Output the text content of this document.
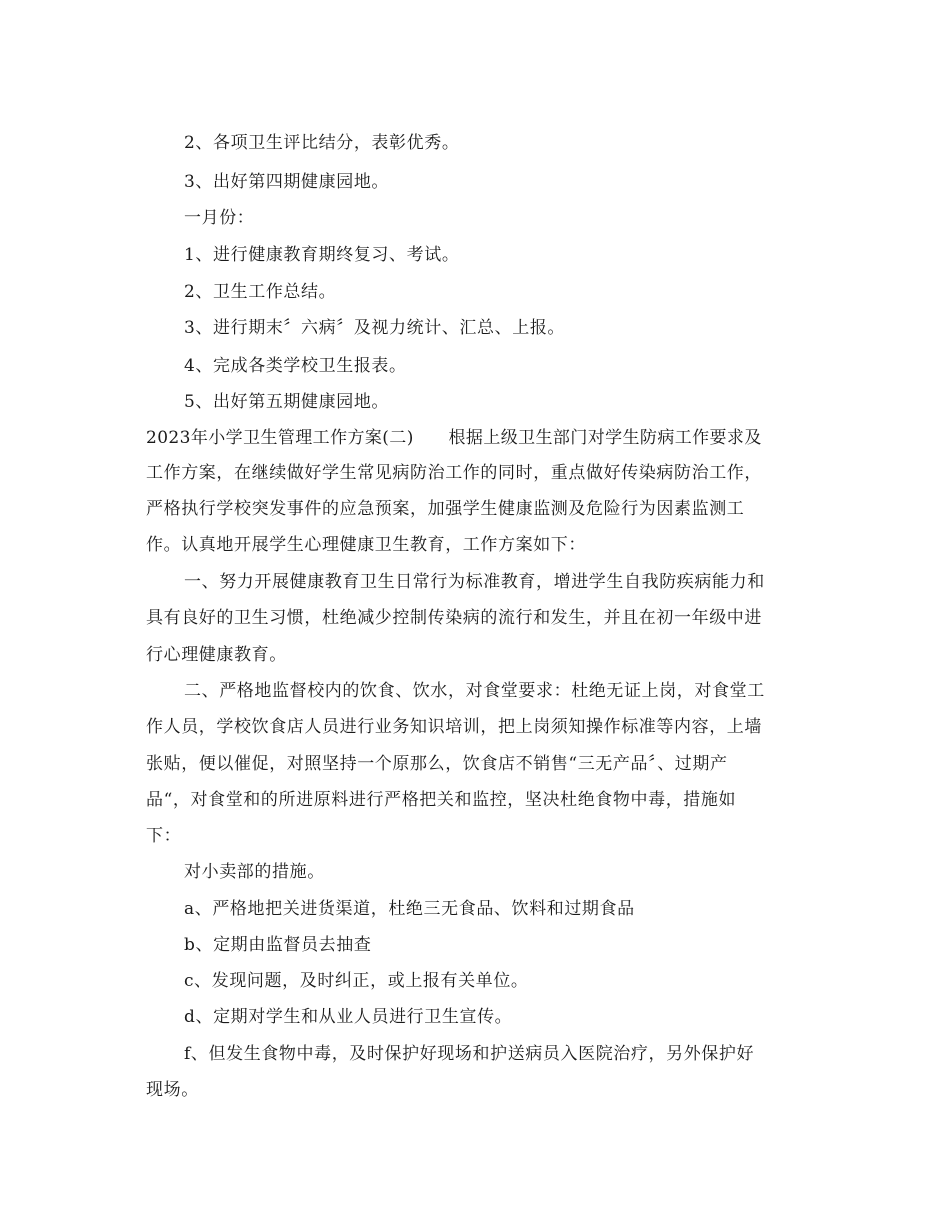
2、各项卫生评比结分，表彰优秀。
3、出好第四期健康园地。
一月份：
1、进行健康教育期终复习、考试。
2、卫生工作总结。
3、进行期末〞六病〞及视力统计、汇总、上报。
4、完成各类学校卫生报表。
5、出好第五期健康园地。
2023年小学卫生管理工作方案(二)　　根据上级卫生部门对学生防病工作要求及
工作方案，在继续做好学生常见病防治工作的同时，重点做好传染病防治工作，
严格执行学校突发事件的应急预案，加强学生健康监测及危险行为因素监测工
作。认真地开展学生心理健康卫生教育，工作方案如下：
一、努力开展健康教育卫生日常行为标准教育，增进学生自我防疾病能力和
具有良好的卫生习惯，杜绝减少控制传染病的流行和发生，并且在初一年级中进
行心理健康教育。
二、严格地监督校内的饮食、饮水，对食堂要求：杜绝无证上岗，对食堂工
作人员，学校饮食店人员进行业务知识培训，把上岗须知操作标准等内容，上墙
张贴，便以催促，对照坚持一个原那么，饮食店不销售“三无产品〞、过期产
品“，对食堂和的所进原料进行严格把关和监控，坚决杜绝食物中毒，措施如
下：
对小卖部的措施。
a、严格地把关进货渠道，杜绝三无食品、饮料和过期食品
b、定期由监督员去抽查
c、发现问题，及时纠正，或上报有关单位。
d、定期对学生和从业人员进行卫生宣传。
f、但发生食物中毒，及时保护好现场和护送病员入医院治疗，另外保护好
现场。
